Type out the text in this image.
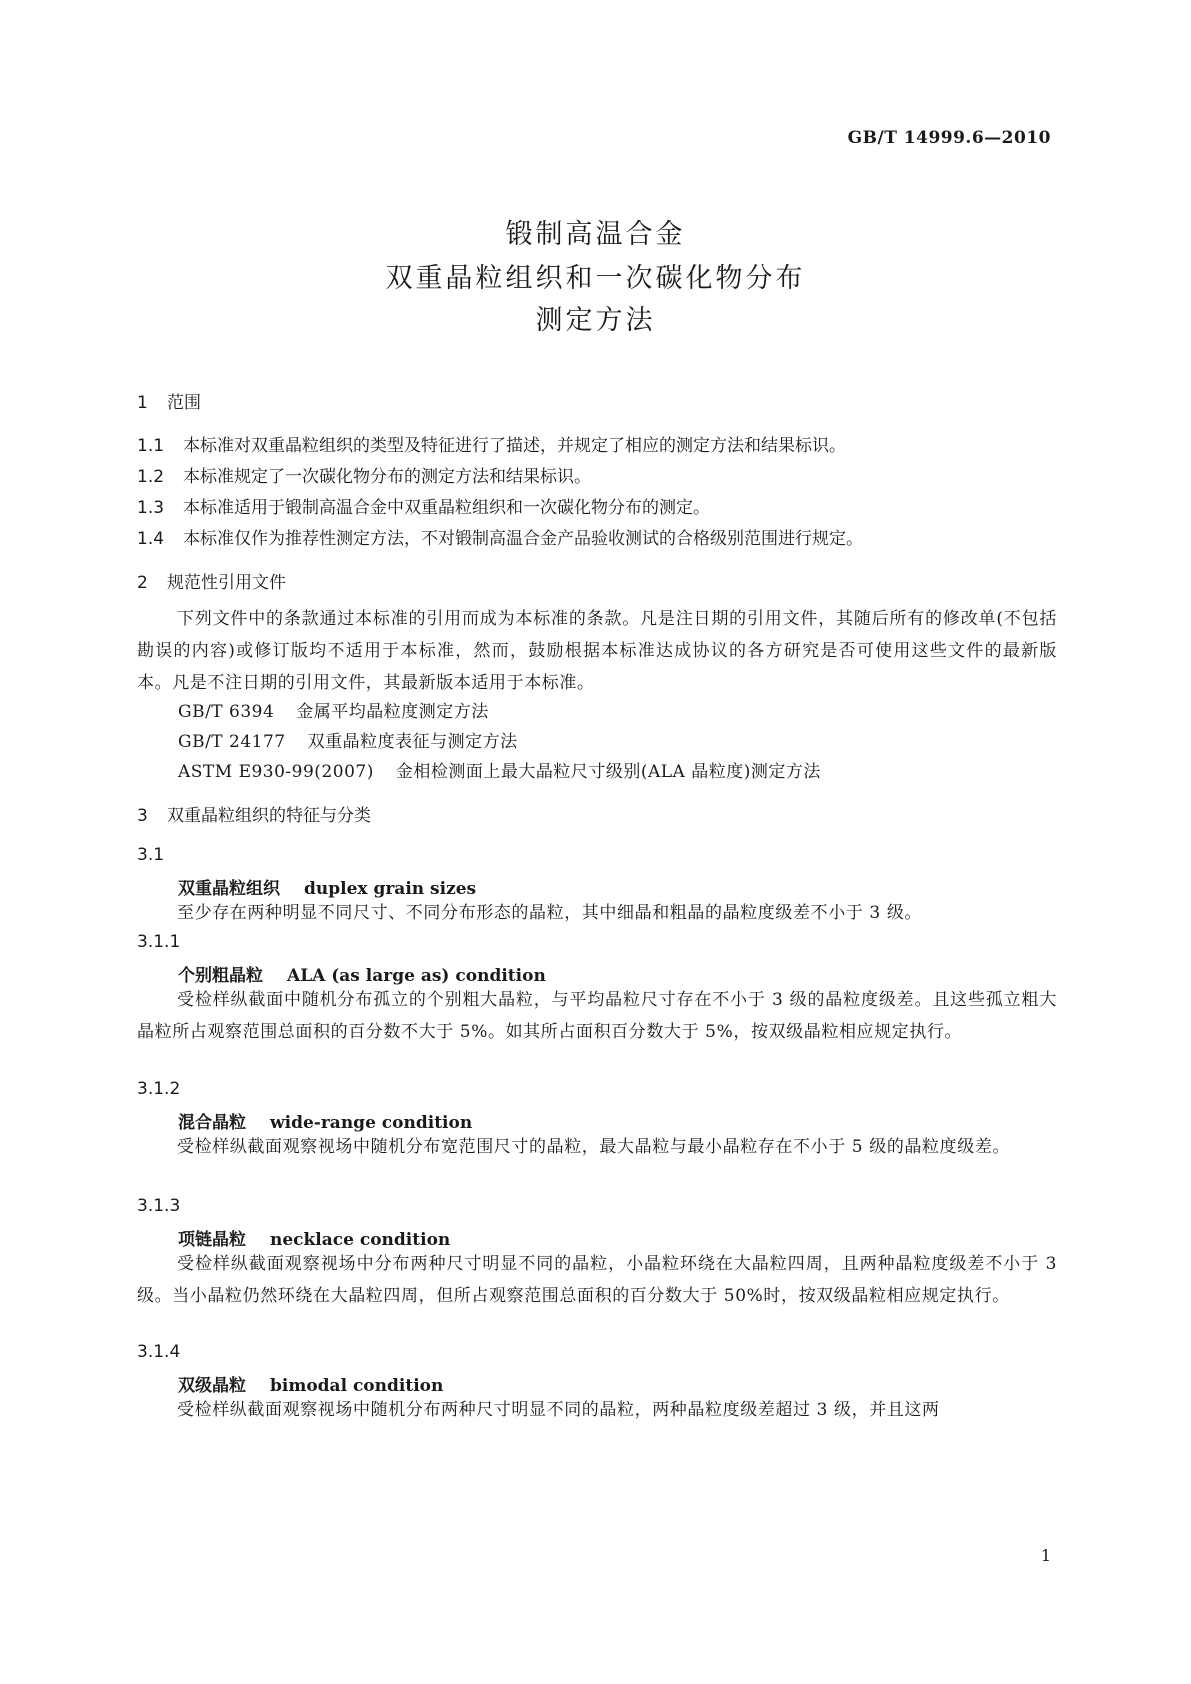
GB/T 14999.6—2010
锻制高温合金
双重晶粒组织和一次碳化物分布
测定方法
1 范围
1.1 本标准对双重晶粒组织的类型及特征进行了描述，并规定了相应的测定方法和结果标识。
1.2 本标准规定了一次碳化物分布的测定方法和结果标识。
1.3 本标准适用于锻制高温合金中双重晶粒组织和一次碳化物分布的测定。
1.4 本标准仅作为推荐性测定方法，不对锻制高温合金产品验收测试的合格级别范围进行规定。
2 规范性引用文件
下列文件中的条款通过本标准的引用而成为本标准的条款。凡是注日期的引用文件，其随后所有的修改单(不包括勘误的内容)或修订版均不适用于本标准，然而，鼓励根据本标准达成协议的各方研究是否可使用这些文件的最新版本。凡是不注日期的引用文件，其最新版本适用于本标准。
GB/T 6394 金属平均晶粒度测定方法
GB/T 24177 双重晶粒度表征与测定方法
ASTM E930-99(2007) 金相检测面上最大晶粒尺寸级别(ALA 晶粒度)测定方法
3 双重晶粒组织的特征与分类
3.1
双重晶粒组织 duplex grain sizes
至少存在两种明显不同尺寸、不同分布形态的晶粒，其中细晶和粗晶的晶粒度级差不小于 3 级。
3.1.1
个别粗晶粒 ALA (as large as) condition
受检样纵截面中随机分布孤立的个别粗大晶粒，与平均晶粒尺寸存在不小于 3 级的晶粒度级差。且这些孤立粗大晶粒所占观察范围总面积的百分数不大于 5%。如其所占面积百分数大于 5%，按双级晶粒相应规定执行。
3.1.2
混合晶粒 wide-range condition
受检样纵截面观察视场中随机分布宽范围尺寸的晶粒，最大晶粒与最小晶粒存在不小于 5 级的晶粒度级差。
3.1.3
项链晶粒 necklace condition
受检样纵截面观察视场中分布两种尺寸明显不同的晶粒，小晶粒环绕在大晶粒四周，且两种晶粒度级差不小于 3 级。当小晶粒仍然环绕在大晶粒四周，但所占观察范围总面积的百分数大于 50%时，按双级晶粒相应规定执行。
3.1.4
双级晶粒 bimodal condition
受检样纵截面观察视场中随机分布两种尺寸明显不同的晶粒，两种晶粒度级差超过 3 级，并且这两
1
